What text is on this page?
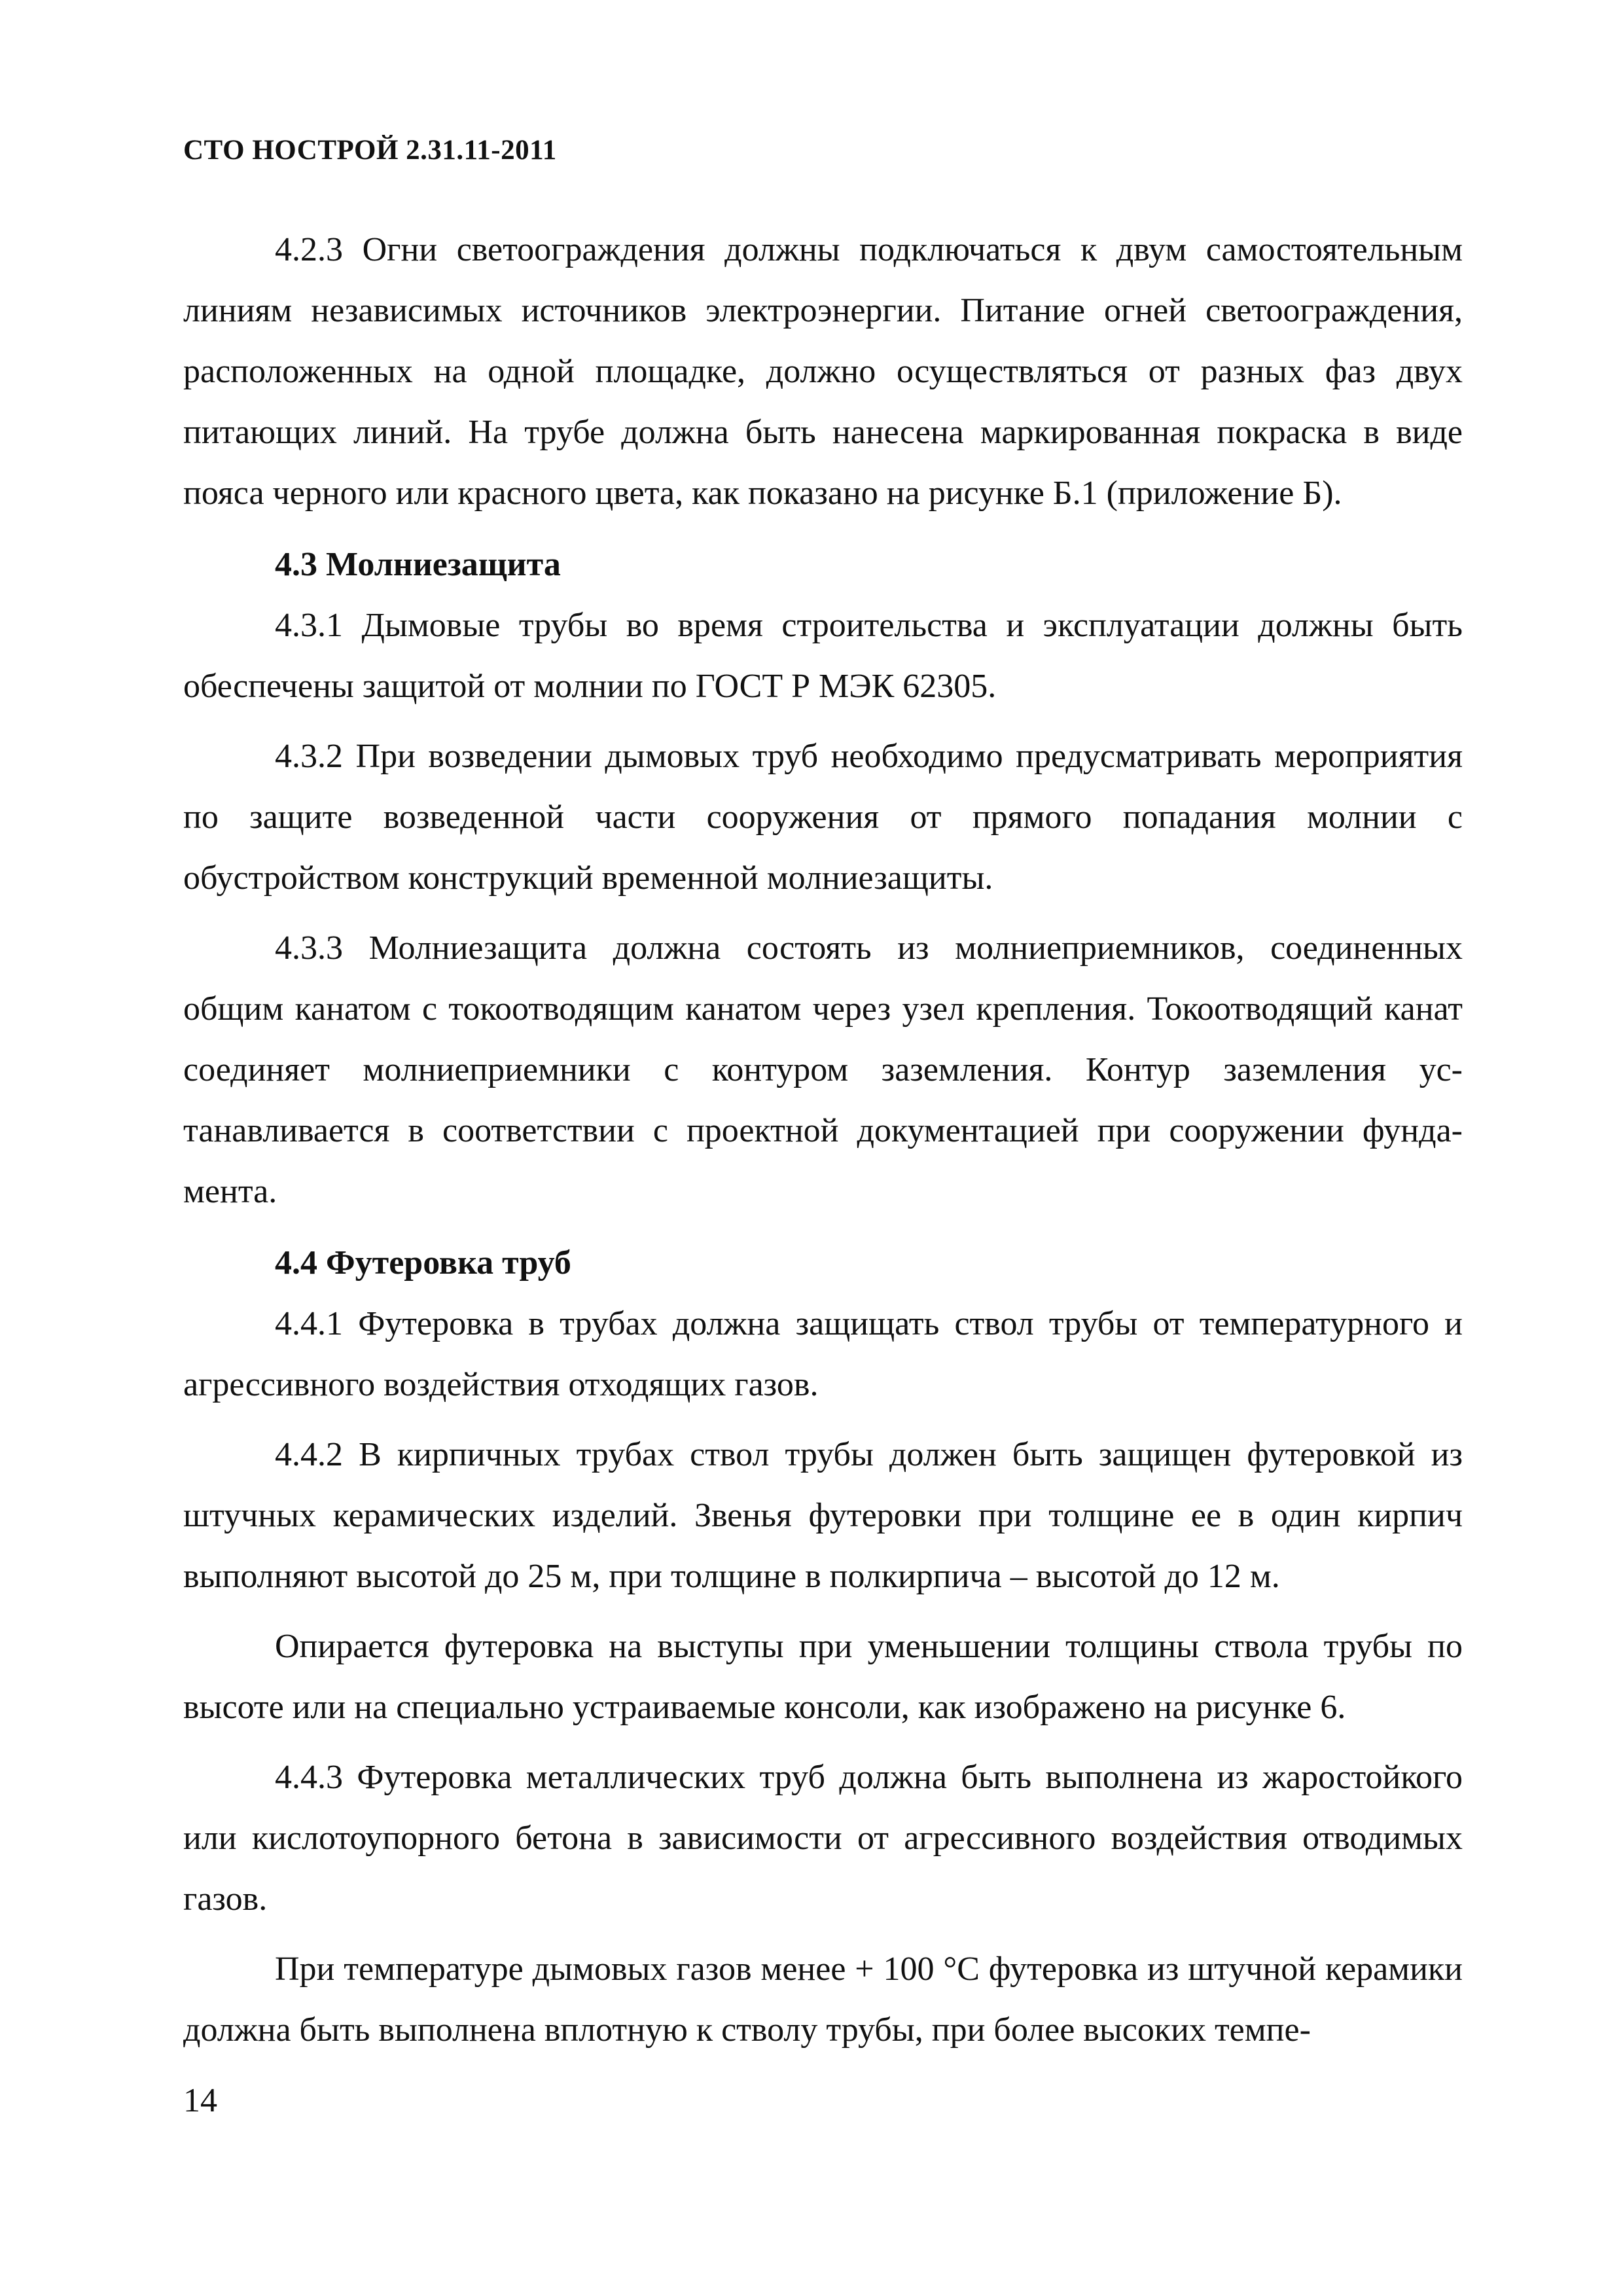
СТО НОСТРОЙ 2.31.11-2011

4.2.3 Огни светоограждения должны подключаться к двум самостоятельным линиям независимых источников электроэнергии. Питание огней светоограждения, расположенных на одной площадке, должно осуществляться от разных фаз двух питающих линий. На трубе должна быть нанесена маркированная покраска в виде пояса черного или красного цвета, как показано на рисунке Б.1 (приложение Б).

4.3 Молниезащита

4.3.1 Дымовые трубы во время строительства и эксплуатации должны быть обеспечены защитой от молнии по ГОСТ Р МЭК 62305.

4.3.2 При возведении дымовых труб необходимо предусматривать мероприятия по защите возведенной части сооружения от прямого попадания молнии с обустройством конструкций временной молниезащиты.

4.3.3 Молниезащита должна состоять из молниеприемников, соединенных общим канатом с токоотводящим канатом через узел крепления. Токоотводящий канат соединяет молниеприемники с контуром заземления. Контур заземления устанавливается в соответствии с проектной документацией при сооружении фундамента.

4.4 Футеровка труб

4.4.1 Футеровка в трубах должна защищать ствол трубы от температурного и агрессивного воздействия отходящих газов.

4.4.2 В кирпичных трубах ствол трубы должен быть защищен футеровкой из штучных керамических изделий. Звенья футеровки при толщине ее в один кирпич выполняют высотой до 25 м, при толщине в полкирпича – высотой до 12 м.

Опирается футеровка на выступы при уменьшении толщины ствола трубы по высоте или на специально устраиваемые консоли, как изображено на рисунке 6.

4.4.3 Футеровка металлических труб должна быть выполнена из жаростойкого или кислотоупорного бетона в зависимости от агрессивного воздействия отводимых газов.

При температуре дымовых газов менее + 100 °С футеровка из штучной керамики должна быть выполнена вплотную к стволу трубы, при более высоких темпе-

14
